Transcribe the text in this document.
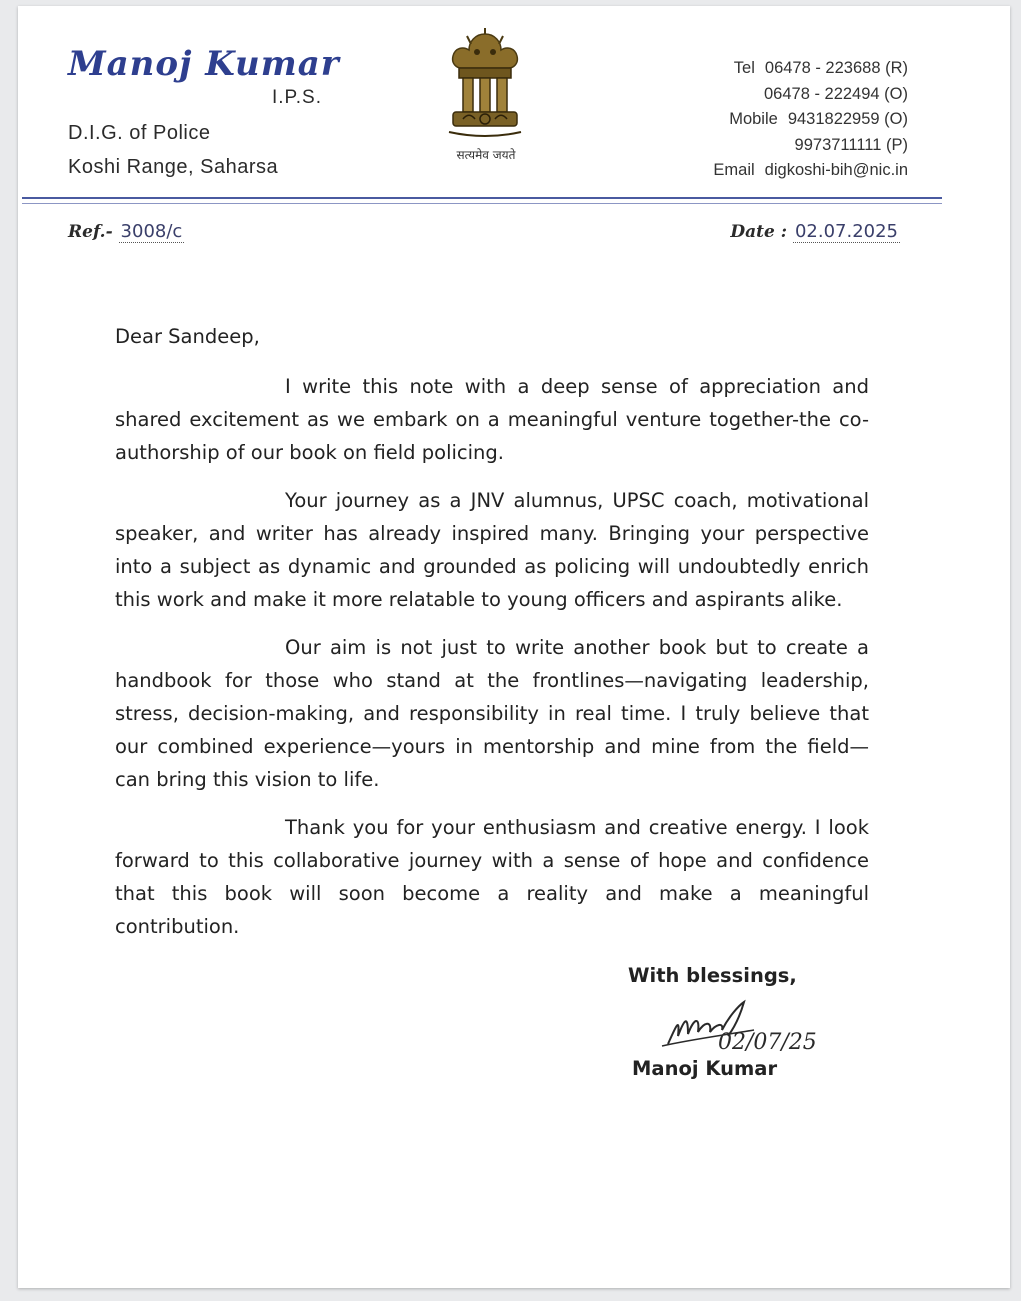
Manoj Kumar
I.P.S.
D.I.G. of Police
Koshi Range, Saharsa
सत्यमेव जयते
Tel 06478 - 223688 (R)
06478 - 222494 (O)
Mobile 9431822959 (O)
9973711111 (P)
Email digkoshi-bih@nic.in
Ref.- 3008/c	Date : 02.07.2025

Dear Sandeep,

I write this note with a deep sense of appreciation and shared excitement as we embark on a meaningful venture together-the co-authorship of our book on field policing.

Your journey as a JNV alumnus, UPSC coach, motivational speaker, and writer has already inspired many. Bringing your perspective into a subject as dynamic and grounded as policing will undoubtedly enrich this work and make it more relatable to young officers and aspirants alike.

Our aim is not just to write another book but to create a handbook for those who stand at the frontlines—navigating leadership, stress, decision-making, and responsibility in real time. I truly believe that our combined experience—yours in mentorship and mine from the field—can bring this vision to life.

Thank you for your enthusiasm and creative energy. I look forward to this collaborative journey with a sense of hope and confidence that this book will soon become a reality and make a meaningful contribution.

With blessings,
02/07/25
Manoj Kumar
